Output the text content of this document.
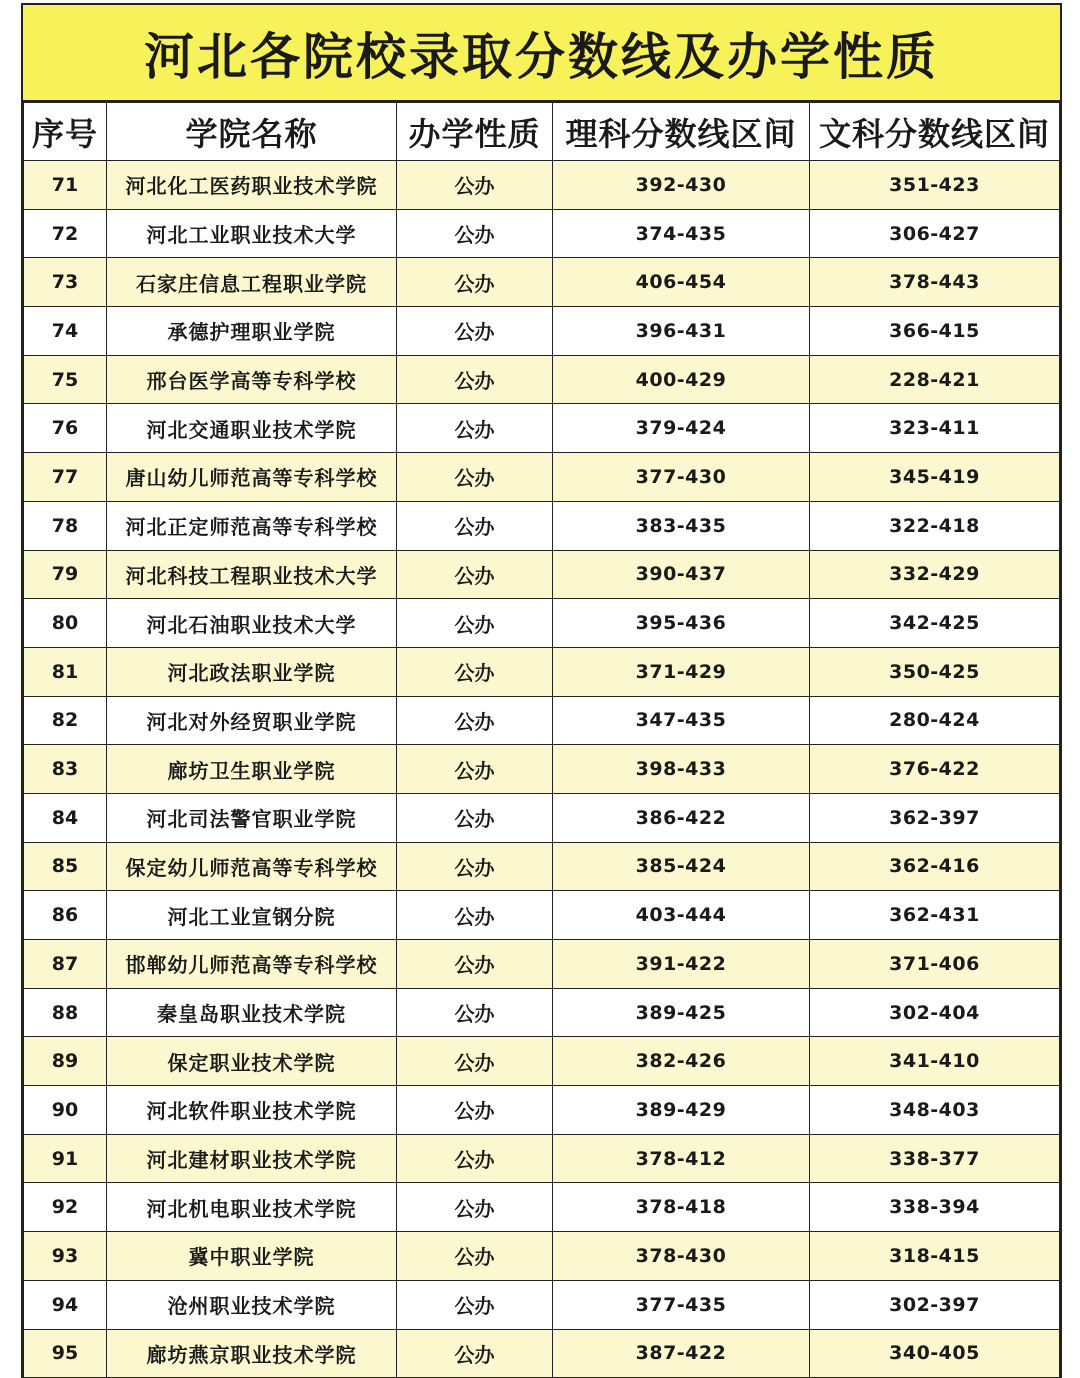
河北各院校录取分数线及办学性质
序号	学院名称	办学性质	理科分数线区间	文科分数线区间
71	河北化工医药职业技术学院	公办	392-430	351-423
72	河北工业职业技术大学	公办	374-435	306-427
73	石家庄信息工程职业学院	公办	406-454	378-443
74	承德护理职业学院	公办	396-431	366-415
75	邢台医学高等专科学校	公办	400-429	228-421
76	河北交通职业技术学院	公办	379-424	323-411
77	唐山幼儿师范高等专科学校	公办	377-430	345-419
78	河北正定师范高等专科学校	公办	383-435	322-418
79	河北科技工程职业技术大学	公办	390-437	332-429
80	河北石油职业技术大学	公办	395-436	342-425
81	河北政法职业学院	公办	371-429	350-425
82	河北对外经贸职业学院	公办	347-435	280-424
83	廊坊卫生职业学院	公办	398-433	376-422
84	河北司法警官职业学院	公办	386-422	362-397
85	保定幼儿师范高等专科学校	公办	385-424	362-416
86	河北工业宣钢分院	公办	403-444	362-431
87	邯郸幼儿师范高等专科学校	公办	391-422	371-406
88	秦皇岛职业技术学院	公办	389-425	302-404
89	保定职业技术学院	公办	382-426	341-410
90	河北软件职业技术学院	公办	389-429	348-403
91	河北建材职业技术学院	公办	378-412	338-377
92	河北机电职业技术学院	公办	378-418	338-394
93	冀中职业学院	公办	378-430	318-415
94	沧州职业技术学院	公办	377-435	302-397
95	廊坊燕京职业技术学院	公办	387-422	340-405
